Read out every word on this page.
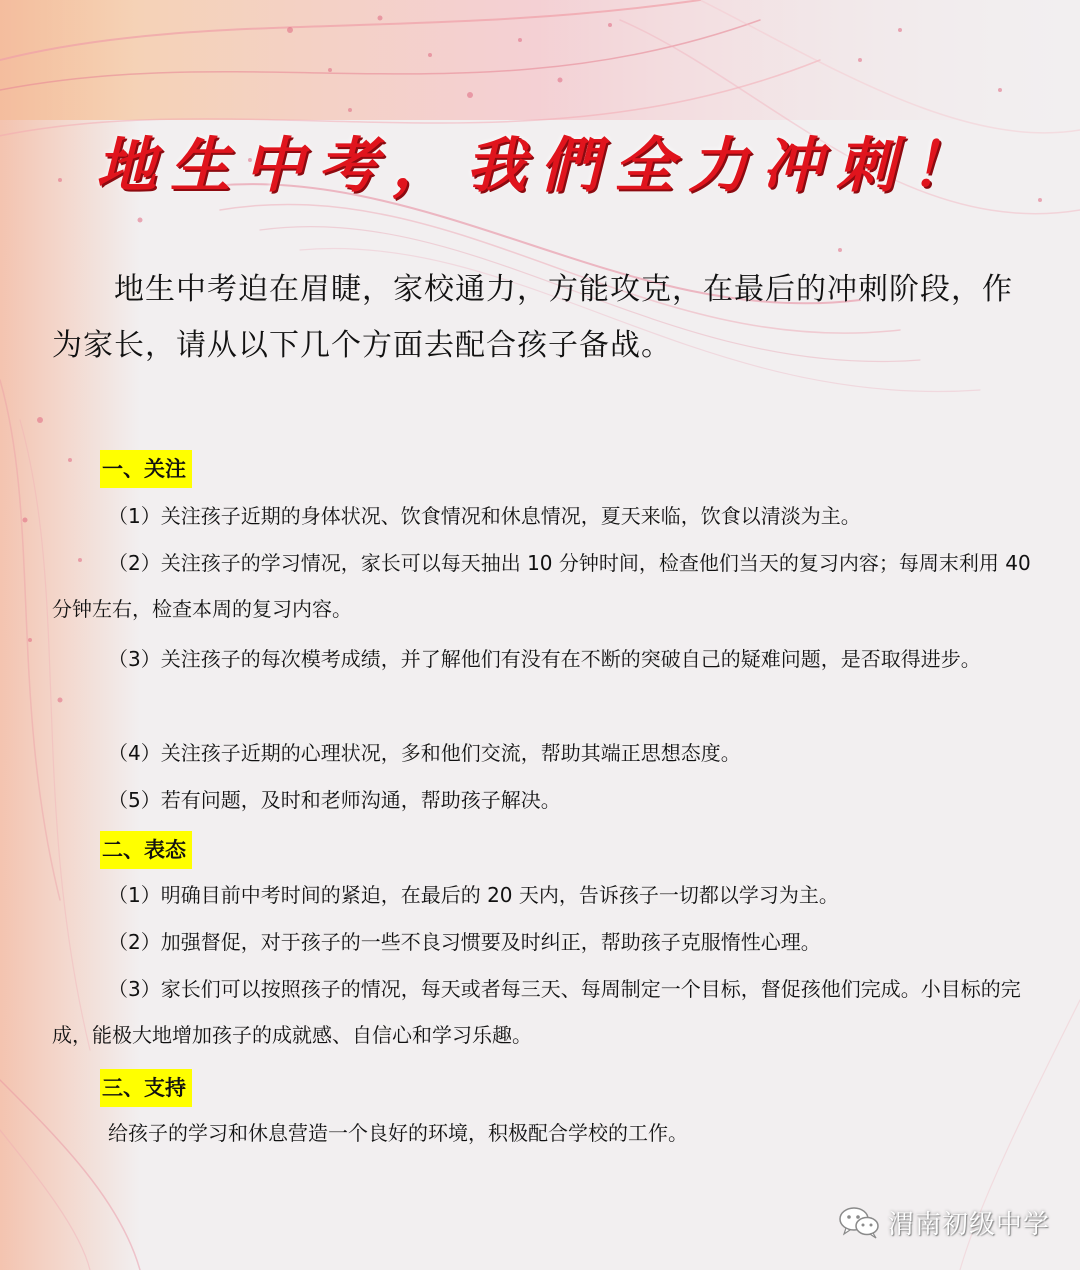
地生中考，我們全力冲刺！
地生中考迫在眉睫，家校通力，方能攻克，在最后的冲刺阶段，作为家长，请从以下几个方面去配合孩子备战。
一、关注
（1）关注孩子近期的身体状况、饮食情况和休息情况，夏天来临，饮食以清淡为主。
（2）关注孩子的学习情况，家长可以每天抽出 10 分钟时间，检查他们当天的复习内容；每周末利用 40 分钟左右，检查本周的复习内容。
（3）关注孩子的每次模考成绩，并了解他们有没有在不断的突破自己的疑难问题，是否取得进步。
（4）关注孩子近期的心理状况，多和他们交流，帮助其端正思想态度。
（5）若有问题，及时和老师沟通，帮助孩子解决。
二、表态
（1）明确目前中考时间的紧迫，在最后的 20 天内，告诉孩子一切都以学习为主。
（2）加强督促，对于孩子的一些不良习惯要及时纠正，帮助孩子克服惰性心理。
（3）家长们可以按照孩子的情况，每天或者每三天、每周制定一个目标，督促孩他们完成。小目标的完成，能极大地增加孩子的成就感、自信心和学习乐趣。
三、支持
给孩子的学习和休息营造一个良好的环境，积极配合学校的工作。
渭南初级中学
